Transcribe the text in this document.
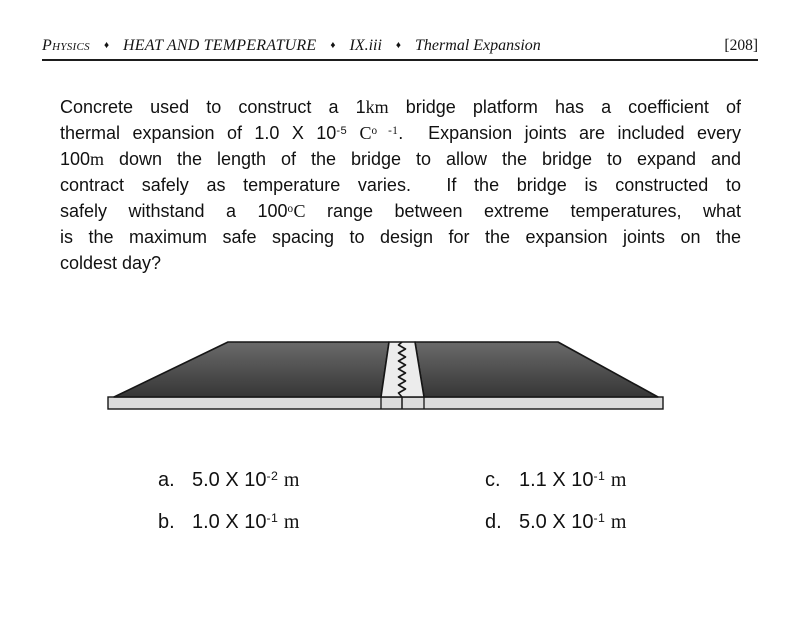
Physics ♦ HEAT AND TEMPERATURE ♦ IX.iii ♦ Thermal Expansion	[208]
Concrete used to construct a 1km bridge platform has a coefficient of
thermal expansion of 1.0 X $10^{-5}$ $C^{o -1}$.  Expansion joints are included every
100m down the length of the bridge to allow the bridge to expand and
contract safely as temperature varies.  If the bridge is constructed to
safely withstand a 100$^o$C range between extreme temperatures, what
is the maximum safe spacing to design for the expansion joints on the
coldest day?
a. 5.0 X $10^{-2}$ m
b. 1.0 X $10^{-1}$ m
c. 1.1 X $10^{-1}$ m
d. 5.0 X $10^{-1}$ m
